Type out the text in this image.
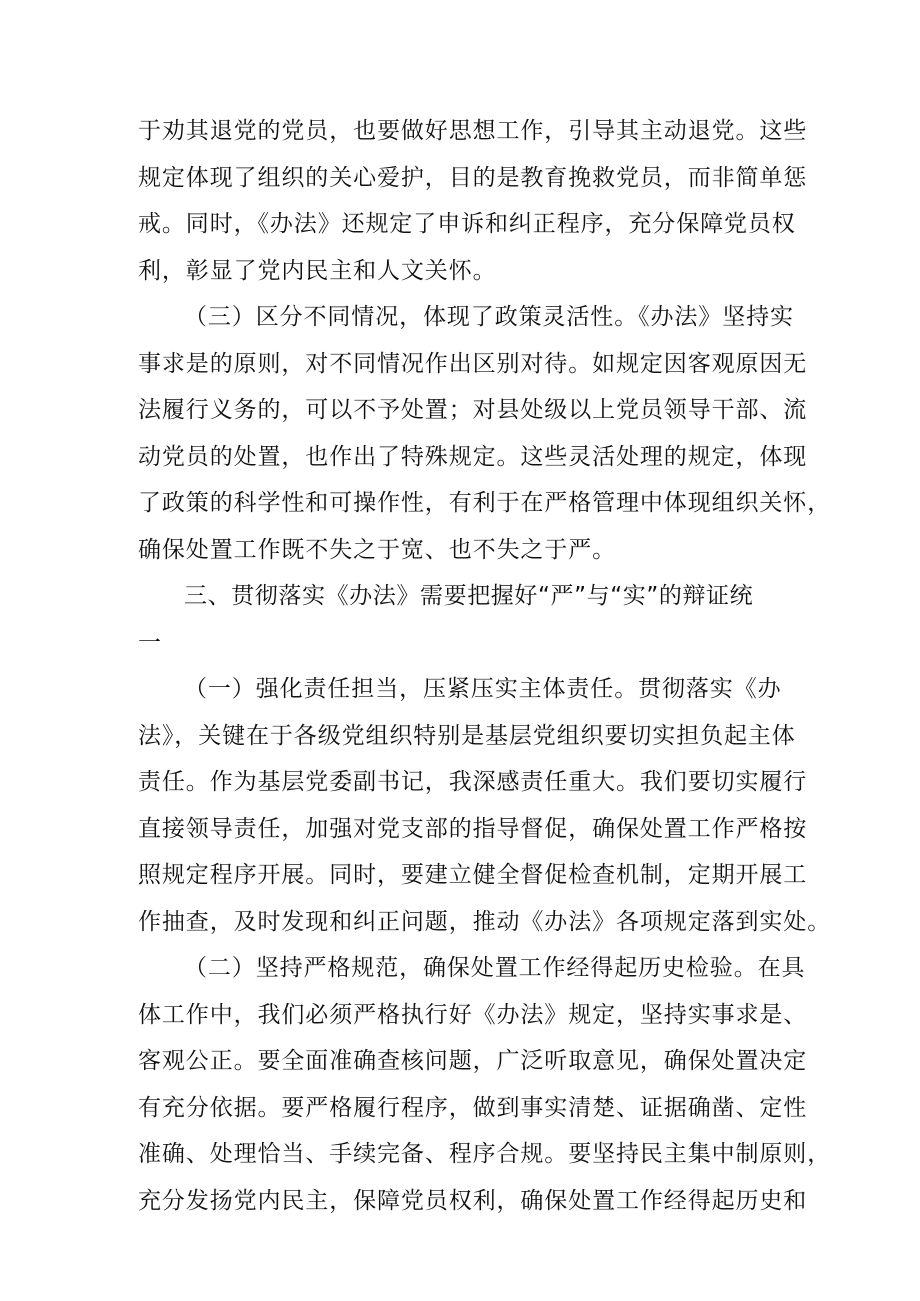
于劝其退党的党员，也要做好思想工作，引导其主动退党。这些
规定体现了组织的关心爱护，目的是教育挽救党员，而非简单惩
戒。同时，《办法》还规定了申诉和纠正程序，充分保障党员权
利，彰显了党内民主和人文关怀。
（三）区分不同情况，体现了政策灵活性。《办法》坚持实
事求是的原则，对不同情况作出区别对待。如规定因客观原因无
法履行义务的，可以不予处置；对县处级以上党员领导干部、流
动党员的处置，也作出了特殊规定。这些灵活处理的规定，体现
了政策的科学性和可操作性，有利于在严格管理中体现组织关怀，
确保处置工作既不失之于宽、也不失之于严。
三、贯彻落实《办法》需要把握好“严”与“实”的辩证统
一
（一）强化责任担当，压紧压实主体责任。贯彻落实《办
法》，关键在于各级党组织特别是基层党组织要切实担负起主体
责任。作为基层党委副书记，我深感责任重大。我们要切实履行
直接领导责任，加强对党支部的指导督促，确保处置工作严格按
照规定程序开展。同时，要建立健全督促检查机制，定期开展工
作抽查，及时发现和纠正问题，推动《办法》各项规定落到实处。
（二）坚持严格规范，确保处置工作经得起历史检验。在具
体工作中，我们必须严格执行好《办法》规定，坚持实事求是、
客观公正。要全面准确查核问题，广泛听取意见，确保处置决定
有充分依据。要严格履行程序，做到事实清楚、证据确凿、定性
准确、处理恰当、手续完备、程序合规。要坚持民主集中制原则，
充分发扬党内民主，保障党员权利，确保处置工作经得起历史和
